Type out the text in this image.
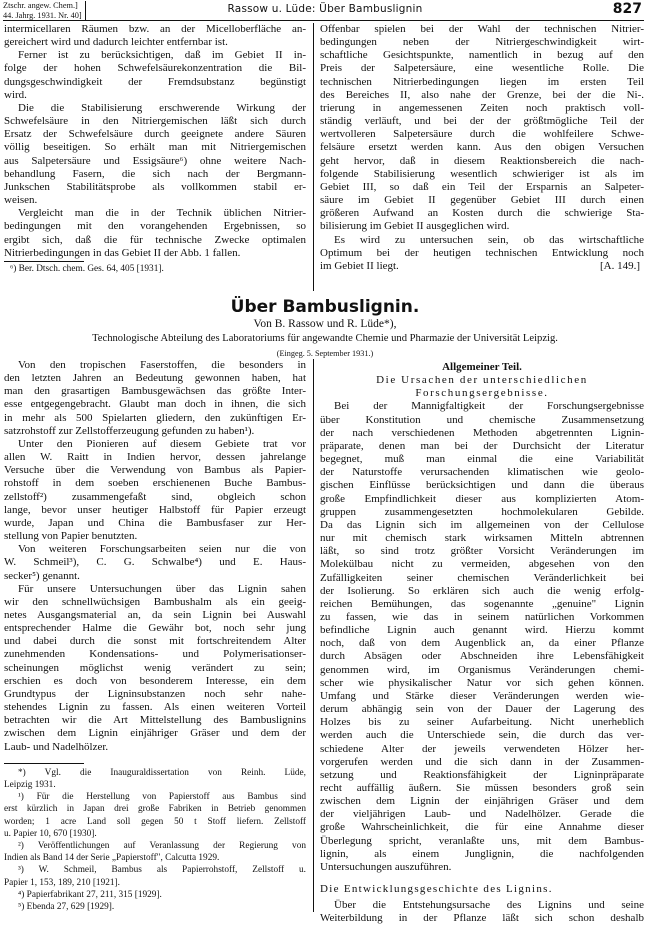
Ztschr. angew. Chem.]
44. Jahrg. 1931. Nr. 40]	Rassow u. Lüde: Über Bambuslignin	827
intermicellaren Räumen bzw. an der Micelloberfläche an-
gereichert wird und dadurch leichter entfernbar ist.
Ferner ist zu berücksichtigen, daß im Gebiet II in-
folge der hohen Schwefelsäurekonzentration die Bil-
dungsgeschwindigkeit der Fremdsubstanz begünstigt
wird.
Die die Stabilisierung erschwerende Wirkung der
Schwefelsäure in den Nitriergemischen läßt sich durch
Ersatz der Schwefelsäure durch geeignete andere Säuren
völlig beseitigen. So erhält man mit Nitriergemischen
aus Salpetersäure und Essigsäure⁶) ohne weitere Nach-
behandlung Fasern, die sich nach der Bergmann-
Junkschen Stabilitätsprobe als vollkommen stabil er-
weisen.
Vergleicht man die in der Technik üblichen Nitrier-
bedingungen mit den vorangehenden Ergebnissen, so
ergibt sich, daß die für technische Zwecke optimalen
Nitrierbedingungen in das Gebiet II der Abb. 1 fallen.
⁶) Ber. Dtsch. chem. Ges. 64, 405 [1931].
Offenbar spielen bei der Wahl der technischen Nitrier-
bedingungen neben der Nitriergeschwindigkeit wirt-
schaftliche Gesichtspunkte, namentlich in bezug auf den
Preis der Salpetersäure, eine wesentliche Rolle. Die
technischen Nitrierbedingungen liegen im ersten Teil
des Bereiches II, also nahe der Grenze, bei der die Ni-.
trierung in angemessenen Zeiten noch praktisch voll-
ständig verläuft, und bei der der größtmögliche Teil der
wertvolleren Salpetersäure durch die wohlfeilere Schwe-
felsäure ersetzt werden kann. Aus den obigen Versuchen
geht hervor, daß in diesem Reaktionsbereich die nach-
folgende Stabilisierung wesentlich schwieriger ist als im
Gebiet III, so daß ein Teil der Ersparnis an Salpeter-
säure im Gebiet II gegenüber Gebiet III durch einen
größeren Aufwand an Kosten durch die schwierige Sta-
bilisierung im Gebiet II ausgeglichen wird.
Es wird zu untersuchen sein, ob das wirtschaftliche
Optimum bei der heutigen technischen Entwicklung noch
im Gebiet II liegt.	[A. 149.]
Über Bambuslignin.
Von B. Rassow und R. Lüde*),
Technologische Abteilung des Laboratoriums für angewandte Chemie und Pharmazie der Universität Leipzig.
(Eingeg. 5. September 1931.)
Von den tropischen Faserstoffen, die besonders in
den letzten Jahren an Bedeutung gewonnen haben, hat
man den grasartigen Bambusgewächsen das größte Inter-
esse entgegengebracht. Glaubt man doch in ihnen, die sich
in mehr als 500 Spielarten gliedern, den zukünftigen Er-
satzrohstoff zur Zellstofferzeugung gefunden zu haben¹).
Unter den Pionieren auf diesem Gebiete trat vor
allen W. Raitt in Indien hervor, dessen jahrelange
Versuche über die Verwendung von Bambus als Papier-
rohstoff in dem soeben erschienenen Buche Bambus-
zellstoff²) zusammengefaßt sind, obgleich schon
lange, bevor unser heutiger Halbstoff für Papier erzeugt
wurde, Japan und China die Bambusfaser zur Her-
stellung von Papier benutzten.
Von weiteren Forschungsarbeiten seien nur die von
W. Schmeil³), C. G. Schwalbe⁴) und E. Haus-
secker⁵) genannt.
Für unsere Untersuchungen über das Lignin sahen
wir den schnellwüchsigen Bambushalm als ein geeig-
netes Ausgangsmaterial an, da sein Lignin bei Auswahl
entsprechender Halme die Gewähr bot, noch sehr jung
und dabei durch die sonst mit fortschreitendem Alter
zunehmenden Kondensations- und Polymerisationser-
scheinungen möglichst wenig verändert zu sein;
erschien es doch von besonderem Interesse, ein dem
Grundtypus der Ligninsubstanzen noch sehr nahe-
stehendes Lignin zu fassen. Als einen weiteren Vorteil
betrachten wir die Art Mittelstellung des Bambuslignins
zwischen dem Lignin einjähriger Gräser und dem der
Laub- und Nadelhölzer.
*) Vgl. die Inauguraldissertation von Reinh. Lüde,
Leipzig 1931.
¹) Für die Herstellung von Papierstoff aus Bambus sind
erst kürzlich in Japan drei große Fabriken in Betrieb genommen
worden; 1 acre Land soll gegen 50 t Stoff liefern. Zellstoff
u. Papier 10, 670 [1930].
²) Veröffentlichungen auf Veranlassung der Regierung von
Indien als Band 14 der Serie „Papierstoff", Calcutta 1929.
³) W. Schmeil, Bambus als Papierrohstoff, Zellstoff u.
Papier 1, 153, 189, 210 [1921].
⁴) Papierfabrikant 27, 211, 315 [1929].
⁵) Ebenda 27, 629 [1929].
Allgemeiner Teil.
Die Ursachen der unterschiedlichen
Forschungsergebnisse.
Bei der Mannigfaltigkeit der Forschungsergebnisse
über Konstitution und chemische Zusammensetzung
der nach verschiedenen Methoden abgetrennten Lignin-
präparate, denen man bei der Durchsicht der Literatur
begegnet, muß man einmal die eine Variabilität
der Naturstoffe verursachenden klimatischen wie geolo-
gischen Einflüsse berücksichtigen und dann die überaus
große Empfindlichkeit dieser aus komplizierten Atom-
gruppen zusammengesetzten hochmolekularen Gebilde.
Da das Lignin sich im allgemeinen von der Cellulose
nur mit chemisch stark wirksamen Mitteln abtrennen
läßt, so sind trotz größter Vorsicht Veränderungen im
Molekülbau nicht zu vermeiden, abgesehen von den
Zufälligkeiten seiner chemischen Veränderlichkeit bei
der Isolierung. So erklären sich auch die wenig erfolg-
reichen Bemühungen, das sogenannte „genuine" Lignin
zu fassen, wie das in seinem natürlichen Vorkommen
befindliche Lignin auch genannt wird. Hierzu kommt
noch, daß von dem Augenblick an, da einer Pflanze
durch Absägen oder Abschneiden ihre Lebensfähigkeit
genommen wird, im Organismus Veränderungen chemi-
scher wie physikalischer Natur vor sich gehen können.
Umfang und Stärke dieser Veränderungen werden wie-
derum abhängig sein von der Dauer der Lagerung des
Holzes bis zu seiner Aufarbeitung. Nicht unerheblich
werden auch die Unterschiede sein, die durch das ver-
schiedene Alter der jeweils verwendeten Hölzer her-
vorgerufen werden und die sich dann in der Zusammen-
setzung und Reaktionsfähigkeit der Ligninpräparate
recht auffällig äußern. Sie müssen besonders groß sein
zwischen dem Lignin der einjährigen Gräser und dem
der vieljährigen Laub- und Nadelhölzer. Gerade die
große Wahrscheinlichkeit, die für eine Annahme dieser
Überlegung spricht, veranlaßte uns, mit dem Bambus-
lignin, als einem Junglignin, die nachfolgenden
Untersuchungen auszuführen.
Die Entwicklungsgeschichte des Lignins.
Über die Entstehungsursache des Lignins und seine
Weiterbildung in der Pflanze läßt sich schon deshalb
